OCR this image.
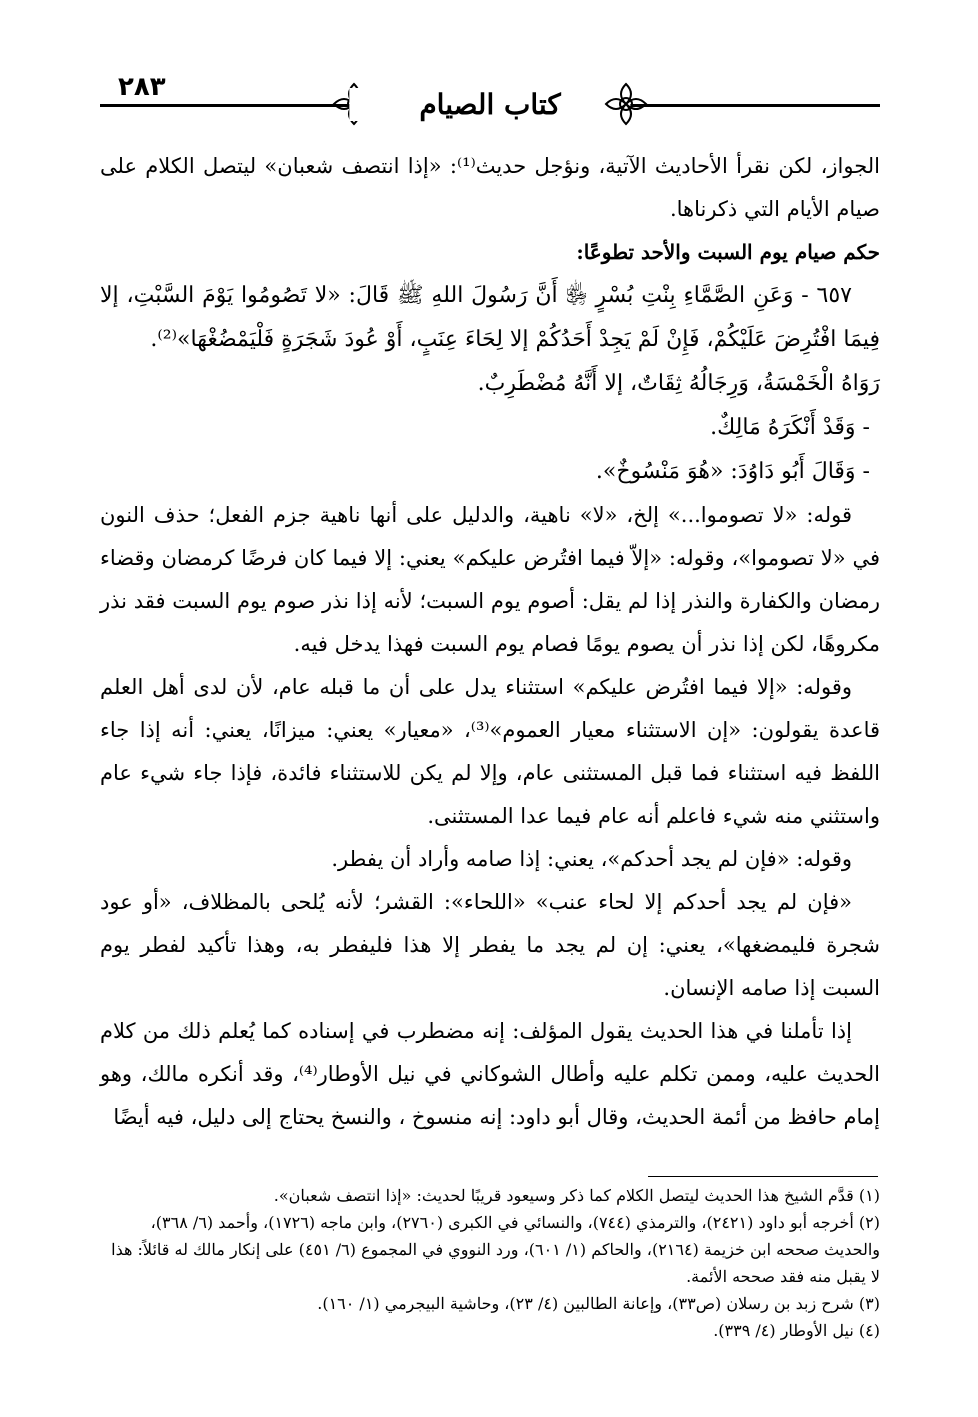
٢٨٣
كتاب الصيام

الجواز، لكن نقرأ الأحاديث الآتية، ونؤجل حديث⁽¹⁾: «إذا انتصف شعبان» ليتصل الكلام على صيام الأيام التي ذكرناها.

حكم صيام يوم السبت والأحد تطوعًا:

٦٥٧ - وَعَنِ الصَّمَّاءِ بِنْتِ بُسْرٍ ﵂ أَنَّ رَسُولَ اللهِ ﷺ قَالَ: «لا تَصُومُوا يَوْمَ السَّبْتِ، إلا فِيمَا افْتُرِضَ عَلَيْكُمْ، فَإِنْ لَمْ يَجِدْ أَحَدُكُمْ إلا لِحَاءَ عِنَبٍ، أَوْ عُودَ شَجَرَةٍ فَلْيَمْضُغْهَا»⁽²⁾.

رَوَاهُ الْخَمْسَةُ، وَرِجَالُهُ ثِقَاتٌ، إلا أَنَّهُ مُضْطَرِبٌ.

- وَقَدْ أَنْكَرَهُ مَالِكٌ.

- وَقَالَ أَبُو دَاوُدَ: «هُوَ مَنْسُوخٌ».

قوله: «لا تصوموا...» إلخ، «لا» ناهية، والدليل على أنها ناهية جزم الفعل؛ حذف النون في «لا تصوموا»، وقوله: «إلاّ فيما افتُرض عليكم» يعني: إلا فيما كان فرضًا كرمضان وقضاء رمضان والكفارة والنذر إذا لم يقل: أصوم يوم السبت؛ لأنه إذا نذر صوم يوم السبت فقد نذر مكروهًا، لكن إذا نذر أن يصوم يومًا فصام يوم السبت فهذا يدخل فيه.

وقوله: «إلا فيما افتُرض عليكم» استثناء يدل على أن ما قبله عام، لأن لدى أهل العلم قاعدة يقولون: «إن الاستثناء معيار العموم»⁽³⁾، «معيار» يعني: ميزانًا، يعني: أنه إذا جاء اللفظ فيه استثناء فما قبل المستثنى عام، وإلا لم يكن للاستثناء فائدة، فإذا جاء شيء عام واستثني منه شيء فاعلم أنه عام فيما عدا المستثنى.

وقوله: «فإن لم يجد أحدكم»، يعني: إذا صامه وأراد أن يفطر.

«فإن لم يجد أحدكم إلا لحاء عنب» «اللحاء»: القشر؛ لأنه يُلحى بالمظلاف، «أو عود شجرة فليمضغها»، يعني: إن لم يجد ما يفطر إلا هذا فليفطر به، وهذا تأكيد لفطر يوم السبت إذا صامه الإنسان.

إذا تأملنا في هذا الحديث يقول المؤلف: إنه مضطرب في إسناده كما يُعلم ذلك من كلام الحديث عليه، وممن تكلم عليه وأطال الشوكاني في نيل الأوطار⁽⁴⁾، وقد أنكره مالك، وهو إمام حافظ من أئمة الحديث، وقال أبو داود: إنه منسوخ ، والنسخ يحتاج إلى دليل، فيه أيضًا

(١) قدَّم الشيخ هذا الحديث ليتصل الكلام كما ذكر وسيعود قريبًا لحديث: «إذا انتصف شعبان».
(٢) أخرجه أبو داود (٢٤٢١)، والترمذي (٧٤٤)، والنسائي في الكبرى (٢٧٦٠)، وابن ماجه (١٧٢٦)، وأحمد (٦/ ٣٦٨)، والحديث صححه ابن خزيمة (٢١٦٤)، والحاكم (١/ ٦٠١)، ورد النووي في المجموع (٦/ ٤٥١) على إنكار مالك له قائلاً: هذا لا يقبل منه فقد صححه الأئمة.
(٣) شرح زبد بن رسلان (ص٣٣)، وإعانة الطالبين (٤/ ٢٣)، وحاشية البيجرمي (١/ ١٦٠).
(٤) نيل الأوطار (٤/ ٣٣٩).
